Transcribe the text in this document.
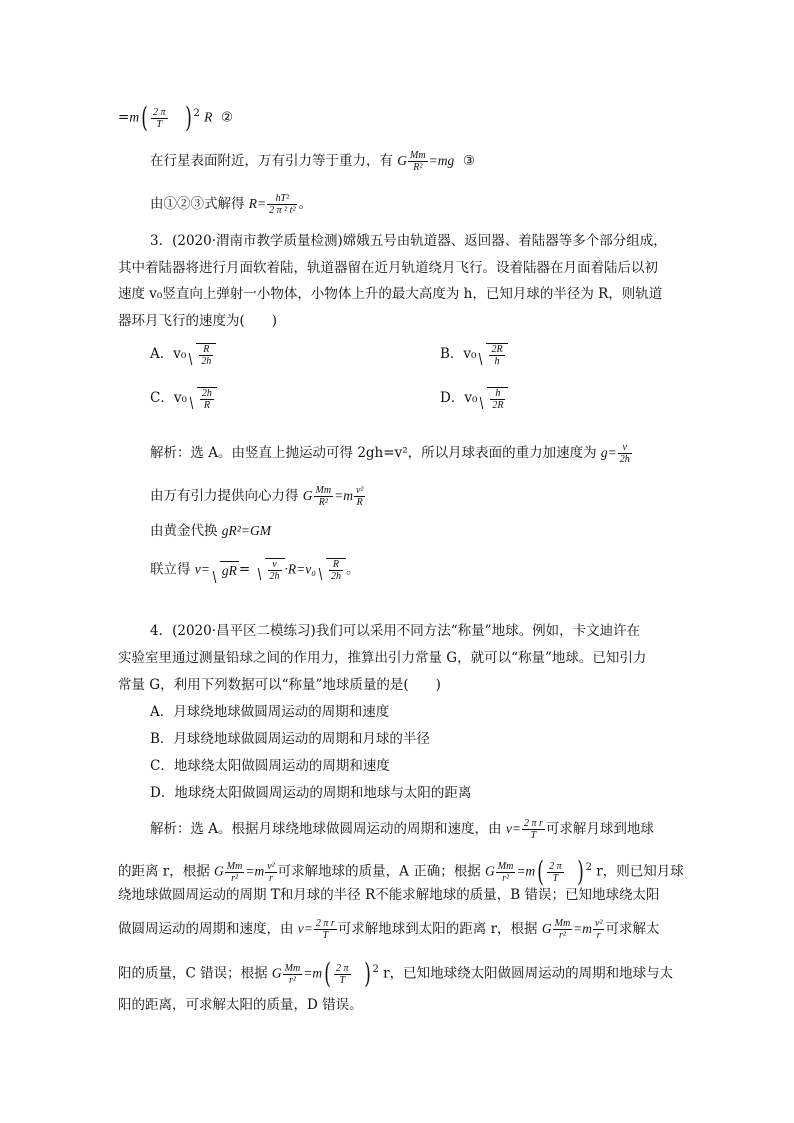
$=m( \frac{2 \pi}{T}$ ) $^2$ R ②
在行星表面附近，万有引力等于重力，有 G $\frac{Mm}{\text{R²}} =mg$ ③
由①②③式解得 $R= \frac{\text{hT²}}{\text{2 π ² t²}}$ 。
3．(2020·渭南市教学质量检测)嫦娥五号由轨道器、返回器、着陆器等多个部分组成，
其中着陆器将进行月面软着陆，轨道器留在近月轨道绕月飞行。设着陆器在月面着陆后以初
速度 v₀竖直向上弹射一小物体，小物体上升的最大高度为 h，已知月球的半径为 R，则轨道
器环月飞行的速度为(　　)
A．$v_0 \frac{R}{2h}$	B．$v_0 \frac{2R}{h}$
C．$v_0 \frac{2h}{R}$	D．$v_0 \frac{h}{2R}$
解析：选 A。由竖直上抛运动可得 2gh=v²，所以月球表面的重力加速度为 $g= \frac{v}{2h}$
由万有引力提供向心力得 G $\frac{Mm}{\text{R²}} =m \frac{\text{v²}}{R}$
由黄金代换 gR²=GM
联立得 v= gR = $\frac{v}{2h} \cdot R=v_0 \frac{R}{2h}$ 。
4．(2020·昌平区二模练习)我们可以采用不同方法“称量”地球。例如，卡文迪许在
实验室里通过测量铅球之间的作用力，推算出引力常量 G，就可以“称量”地球。已知引力
常量 G，利用下列数据可以“称量”地球质量的是(　　)
A．月球绕地球做圆周运动的周期和速度
B．月球绕地球做圆周运动的周期和月球的半径
C．地球绕太阳做圆周运动的周期和速度
D．地球绕太阳做圆周运动的周期和地球与太阳的距离
解析：选 A。根据月球绕地球做圆周运动的周期和速度，由 $v= \frac{\text{2 π r}}{T}$ 可求解月球到地球
的距离 r，根据 G $\frac{Mm}{\text{r²}} =m \frac{\text{v²}}{r}$ 可求解地球的质量，A 正确；根据 G $\frac{Mm}{\text{r²}} =m( \frac{2 \pi}{T}$ ) $^2$ r，则已知月球
绕地球做圆周运动的周期 T和月球的半径 R不能求解地球的质量，B 错误；已知地球绕太阳
做圆周运动的周期和速度，由 $v= \frac{\text{2 π r}}{T}$ 可求解地球到太阳的距离 r，根据 G $\frac{Mm}{\text{r²}} =m \frac{\text{v²}}{r}$ 可求解太
阳的质量，C 错误；根据 G $\frac{Mm}{\text{r²}} =m( \frac{2 \pi}{T}$ ) $^2$ r，已知地球绕太阳做圆周运动的周期和地球与太
阳的距离，可求解太阳的质量，D 错误。
